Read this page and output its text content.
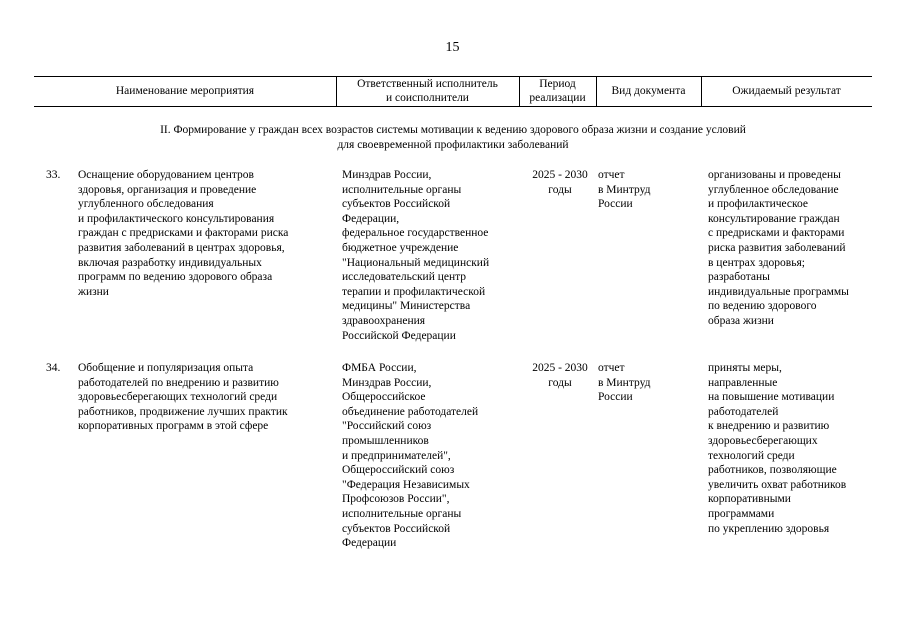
15
Наименование мероприятия
Ответственный исполнитель
и соисполнители
Период
реализации
Вид документа	Ожидаемый результат
II. Формирование у граждан всех возрастов системы мотивации к ведению здорового образа жизни и создание условий
для своевременной профилактики заболеваний
33. Оснащение оборудованием центров
здоровья, организация и проведение
углубленного обследования
и профилактического консультирования
граждан с предрисками и факторами риска
развития заболеваний в центрах здоровья,
включая разработку индивидуальных
программ по ведению здорового образа
жизни
Минздрав России,
исполнительные органы
субъектов Российской
Федерации,
федеральное государственное
бюджетное учреждение
"Национальный медицинский
исследовательский центр
терапии и профилактической
медицины" Министерства
здравоохранения
Российской Федерации
2025 - 2030
годы
отчет
в Минтруд
России
организованы и проведены
углубленное обследование
и профилактическое
консультирование граждан
с предрисками и факторами
риска развития заболеваний
в центрах здоровья;
разработаны
индивидуальные программы
по ведению здорового
образа жизни
34. Обобщение и популяризация опыта
работодателей по внедрению и развитию
здоровьесберегающих технологий среди
работников, продвижение лучших практик
корпоративных программ в этой сфере
ФМБА России,
Минздрав России,
Общероссийское
объединение работодателей
"Российский союз
промышленников
и предпринимателей",
Общероссийский союз
"Федерация Независимых
Профсоюзов России",
исполнительные органы
субъектов Российской
Федерации
2025 - 2030
годы
отчет
в Минтруд
России
приняты меры,
направленные
на повышение мотивации
работодателей
к внедрению и развитию
здоровьесберегающих
технологий среди
работников, позволяющие
увеличить охват работников
корпоративными
программами
по укреплению здоровья
